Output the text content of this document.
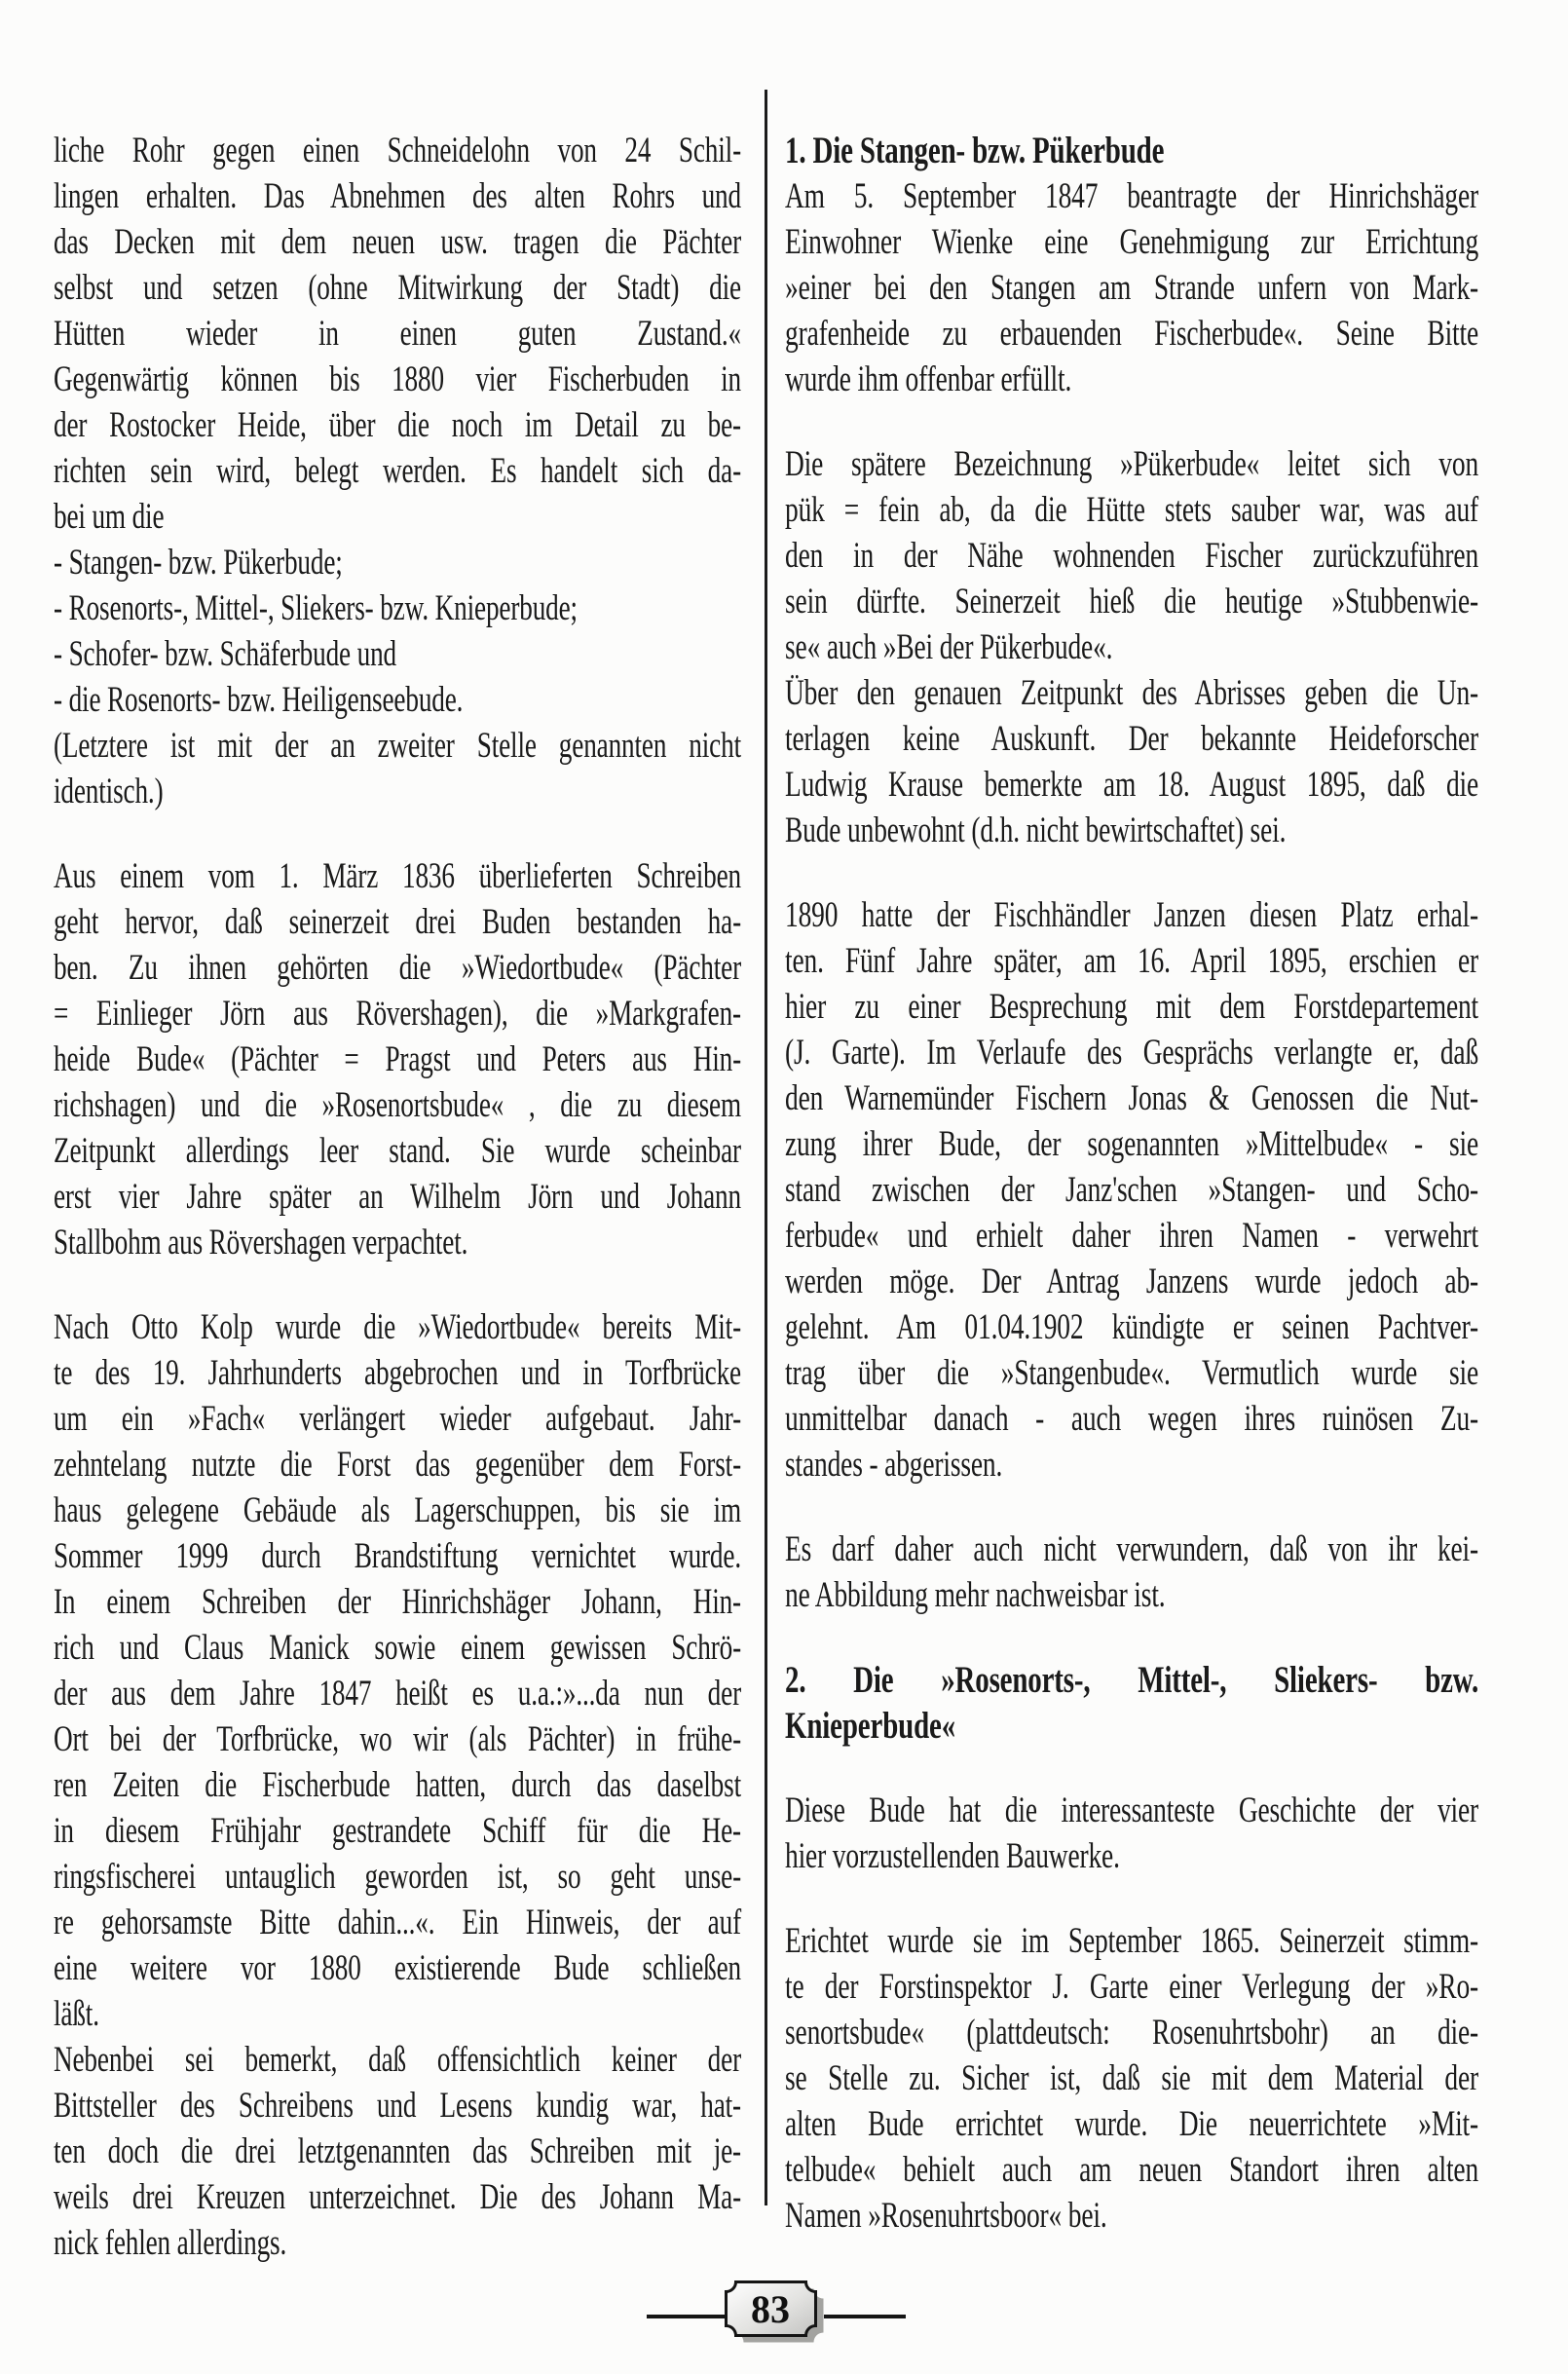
liche Rohr gegen einen Schneidelohn von 24 Schil-
lingen erhalten. Das Abnehmen des alten Rohrs und
das Decken mit dem neuen usw. tragen die Pächter
selbst und setzen (ohne Mitwirkung der Stadt) die
Hütten wieder in einen guten Zustand.«
Gegenwärtig können bis 1880 vier Fischerbuden in
der Rostocker Heide, über die noch im Detail zu be-
richten sein wird, belegt werden. Es handelt sich da-
bei um die
- Stangen- bzw. Pükerbude;
- Rosenorts-, Mittel-, Sliekers- bzw. Knieperbude;
- Schofer- bzw. Schäferbude und
- die Rosenorts- bzw. Heiligenseebude.
(Letztere ist mit der an zweiter Stelle genannten nicht
identisch.)
Aus einem vom 1. März 1836 überlieferten Schreiben
geht hervor, daß seinerzeit drei Buden bestanden ha-
ben. Zu ihnen gehörten die »Wiedortbude« (Pächter
= Einlieger Jörn aus Rövershagen), die »Markgrafen-
heide Bude« (Pächter = Pragst und Peters aus Hin-
richshagen) und die »Rosenortsbude« , die zu diesem
Zeitpunkt allerdings leer stand. Sie wurde scheinbar
erst vier Jahre später an Wilhelm Jörn und Johann
Stallbohm aus Rövershagen verpachtet.
Nach Otto Kolp wurde die »Wiedortbude« bereits Mit-
te des 19. Jahrhunderts abgebrochen und in Torfbrücke
um ein »Fach« verlängert wieder aufgebaut. Jahr-
zehntelang nutzte die Forst das gegenüber dem Forst-
haus gelegene Gebäude als Lagerschuppen, bis sie im
Sommer 1999 durch Brandstiftung vernichtet wurde.
In einem Schreiben der Hinrichshäger Johann, Hin-
rich und Claus Manick sowie einem gewissen Schrö-
der aus dem Jahre 1847 heißt es u.a.:»...da nun der
Ort bei der Torfbrücke, wo wir (als Pächter) in frühe-
ren Zeiten die Fischerbude hatten, durch das daselbst
in diesem Frühjahr gestrandete Schiff für die He-
ringsfischerei untauglich geworden ist, so geht unse-
re gehorsamste Bitte dahin...«. Ein Hinweis, der auf
eine weitere vor 1880 existierende Bude schließen
läßt.
Nebenbei sei bemerkt, daß offensichtlich keiner der
Bittsteller des Schreibens und Lesens kundig war, hat-
ten doch die drei letztgenannten das Schreiben mit je-
weils drei Kreuzen unterzeichnet. Die des Johann Ma-
nick fehlen allerdings.
1. Die Stangen- bzw. Pükerbude
Am 5. September 1847 beantragte der Hinrichshäger
Einwohner Wienke eine Genehmigung zur Errichtung
»einer bei den Stangen am Strande unfern von Mark-
grafenheide zu erbauenden Fischerbude«. Seine Bitte
wurde ihm offenbar erfüllt.
Die spätere Bezeichnung »Pükerbude« leitet sich von
pük = fein ab, da die Hütte stets sauber war, was auf
den in der Nähe wohnenden Fischer zurückzuführen
sein dürfte. Seinerzeit hieß die heutige »Stubbenwie-
se« auch »Bei der Pükerbude«.
Über den genauen Zeitpunkt des Abrisses geben die Un-
terlagen keine Auskunft. Der bekannte Heideforscher
Ludwig Krause bemerkte am 18. August 1895, daß die
Bude unbewohnt (d.h. nicht bewirtschaftet) sei.
1890 hatte der Fischhändler Janzen diesen Platz erhal-
ten. Fünf Jahre später, am 16. April 1895, erschien er
hier zu einer Besprechung mit dem Forstdepartement
(J. Garte). Im Verlaufe des Gesprächs verlangte er, daß
den Warnemünder Fischern Jonas & Genossen die Nut-
zung ihrer Bude, der sogenannten »Mittelbude« - sie
stand zwischen der Janz'schen »Stangen- und Scho-
ferbude« und erhielt daher ihren Namen - verwehrt
werden möge. Der Antrag Janzens wurde jedoch ab-
gelehnt. Am 01.04.1902 kündigte er seinen Pachtver-
trag über die »Stangenbude«. Vermutlich wurde sie
unmittelbar danach - auch wegen ihres ruinösen Zu-
standes - abgerissen.
Es darf daher auch nicht verwundern, daß von ihr kei-
ne Abbildung mehr nachweisbar ist.
2. Die »Rosenorts-, Mittel-, Sliekers- bzw.
Knieperbude«
Diese Bude hat die interessanteste Geschichte der vier
hier vorzustellenden Bauwerke.
Erichtet wurde sie im September 1865. Seinerzeit stimm-
te der Forstinspektor J. Garte einer Verlegung der »Ro-
senortsbude« (plattdeutsch: Rosenuhrtsbohr) an die-
se Stelle zu. Sicher ist, daß sie mit dem Material der
alten Bude errichtet wurde. Die neuerrichtete »Mit-
telbude« behielt auch am neuen Standort ihren alten
Namen »Rosenuhrtsboor« bei.
83
